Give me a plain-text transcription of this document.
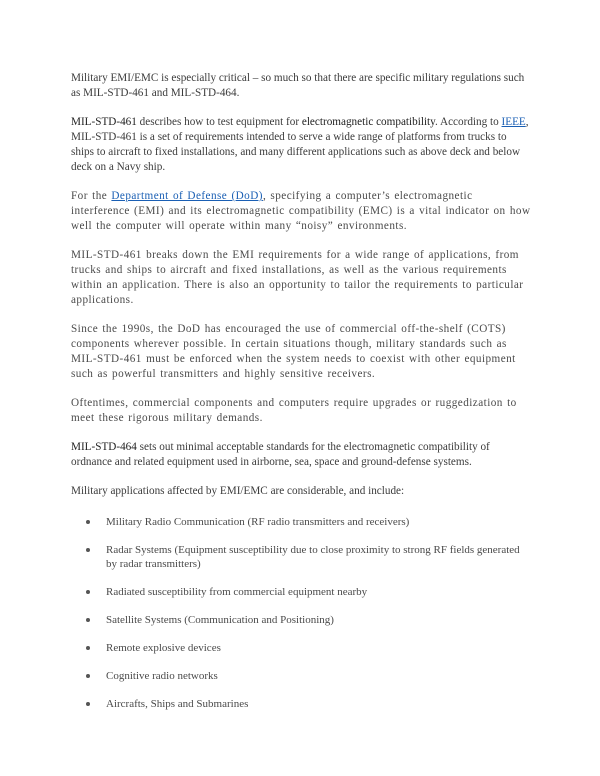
Military EMI/EMC is especially critical – so much so that there are specific military regulations such as MIL-STD-461 and MIL-STD-464.

MIL-STD-461 describes how to test equipment for electromagnetic compatibility. According to IEEE, MIL-STD-461 is a set of requirements intended to serve a wide range of platforms from trucks to ships to aircraft to fixed installations, and many different applications such as above deck and below deck on a Navy ship.

For the Department of Defense (DoD), specifying a computer’s electromagnetic interference (EMI) and its electromagnetic compatibility (EMC) is a vital indicator on how well the computer will operate within many “noisy” environments.

MIL-STD-461 breaks down the EMI requirements for a wide range of applications, from trucks and ships to aircraft and fixed installations, as well as the various requirements within an application. There is also an opportunity to tailor the requirements to particular applications.

Since the 1990s, the DoD has encouraged the use of commercial off-the-shelf (COTS) components wherever possible. In certain situations though, military standards such as MIL-STD-461 must be enforced when the system needs to coexist with other equipment such as powerful transmitters and highly sensitive receivers.

Oftentimes, commercial components and computers require upgrades or ruggedization to meet these rigorous military demands.

MIL-STD-464 sets out minimal acceptable standards for the electromagnetic compatibility of ordnance and related equipment used in airborne, sea, space and ground-defense systems.

Military applications affected by EMI/EMC are considerable, and include:

Military Radio Communication (RF radio transmitters and receivers)
Radar Systems (Equipment susceptibility due to close proximity to strong RF fields generated by radar transmitters)
Radiated susceptibility from commercial equipment nearby
Satellite Systems (Communication and Positioning)
Remote explosive devices
Cognitive radio networks
Aircrafts, Ships and Submarines
